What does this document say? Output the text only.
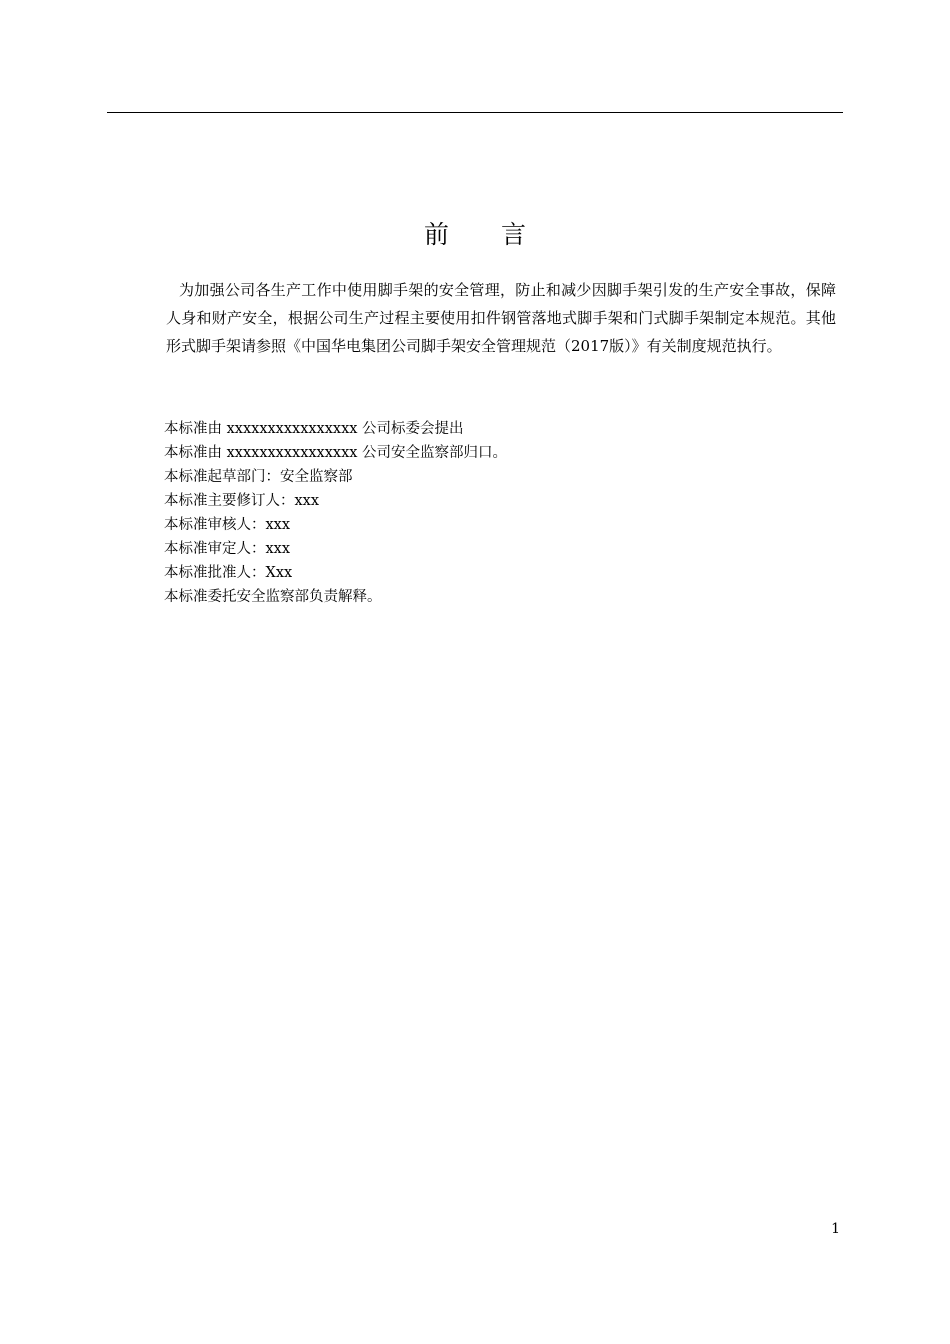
前 言

为加强公司各生产工作中使用脚手架的安全管理，防止和减少因脚手架引发的生产安全事故，保障人身和财产安全，根据公司生产过程主要使用扣件钢管落地式脚手架和门式脚手架制定本规范。其他形式脚手架请参照《中国华电集团公司脚手架安全管理规范（2017版）》有关制度规范执行。

本标准由 xxxxxxxxxxxxxxxx 公司标委会提出
本标准由 xxxxxxxxxxxxxxxx 公司安全监察部归口。
本标准起草部门：安全监察部
本标准主要修订人：xxx
本标准审核人：xxx
本标准审定人：xxx
本标准批准人：Xxx
本标准委托安全监察部负责解释。
1
